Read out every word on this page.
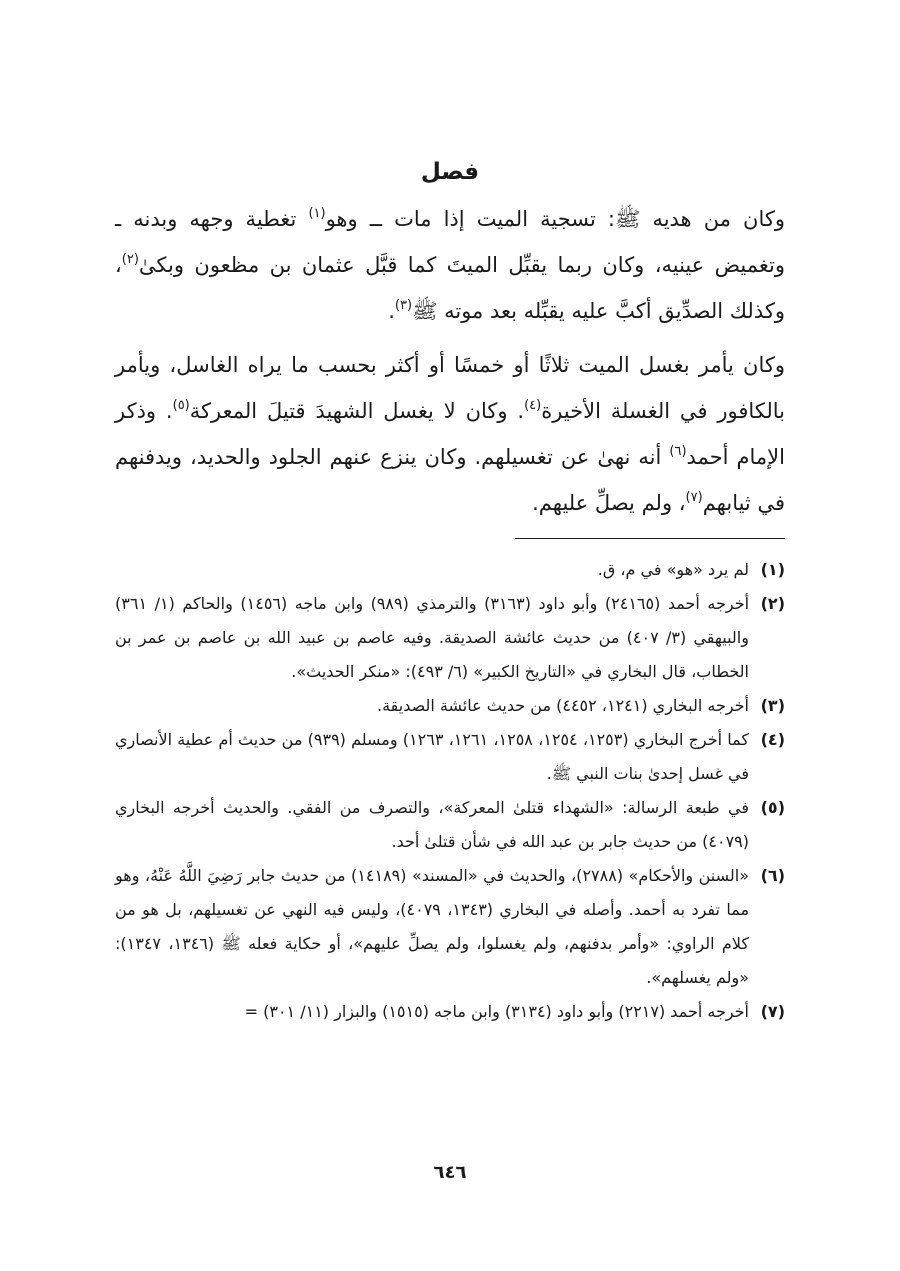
فصل

وكان من هديه ﷺ: تسجية الميت إذا مات ــ وهو$^{(١)}$ تغطية وجهه وبدنه ـ وتغميض عينيه، وكان ربما يقبِّل الميتَ كما قبَّل عثمان بن مظعون وبكىٰ$^{(٢)}$، وكذلك الصدِّيق أكبَّ عليه يقبِّله بعد موته ﷺ$^{(٣)}$.

وكان يأمر بغسل الميت ثلاثًا أو خمسًا أو أكثر بحسب ما يراه الغاسل، ويأمر بالكافور في الغسلة الأخيرة$^{(٤)}$. وكان لا يغسل الشهيدَ قتيلَ المعركة$^{(٥)}$. وذكر الإمام أحمد$^{(٦)}$ أنه نهىٰ عن تغسيلهم. وكان ينزع عنهم الجلود والحديد، ويدفنهم في ثيابهم$^{(٧)}$، ولم يصلِّ عليهم.

(١)
لم يرد «هو» في م، ق.
(٢)
أخرجه أحمد (٢٤١٦٥) وأبو داود (٣١٦٣) والترمذي (٩٨٩) وابن ماجه (١٤٥٦) والحاكم (١/ ٣٦١) والبيهقي (٣/ ٤٠٧) من حديث عائشة الصديقة. وفيه عاصم بن عبيد الله بن عاصم بن عمر بن الخطاب، قال البخاري في «التاريخ الكبير» (٦/ ٤٩٣): «منكر الحديث».
(٣)
أخرجه البخاري (١٢٤١، ٤٤٥٢) من حديث عائشة الصديقة.
(٤)
كما أخرج البخاري (١٢٥٣، ١٢٥٤، ١٢٥٨، ١٢٦١، ١٢٦٣) ومسلم (٩٣٩) من حديث أم عطية الأنصاري في غسل إحدىٰ بنات النبي ﷺ.
(٥)
في طبعة الرسالة: «الشهداء قتلىٰ المعركة»، والتصرف من الفقي. والحديث أخرجه البخاري (٤٠٧٩) من حديث جابر بن عبد الله في شأن قتلىٰ أحد.
(٦)
«السنن والأحكام» (٢٧٨٨)، والحديث في «المسند» (١٤١٨٩) من حديث جابر رَضِيَ اللَّهُ عَنْهُ، وهو مما تفرد به أحمد. وأصله في البخاري (١٣٤٣، ٤٠٧٩)، وليس فيه النهي عن تغسيلهم، بل هو من كلام الراوي: «وأمر بدفنهم، ولم يغسلوا، ولم يصلِّ عليهم»، أو حكاية فعله ﷺ (١٣٤٦، ١٣٤٧): «ولم يغسلهم».
(٧)
أخرجه أحمد (٢٢١٧) وأبو داود (٣١٣٤) وابن ماجه (١٥١٥) والبزار (١١/ ٣٠١) =
٦٤٦
